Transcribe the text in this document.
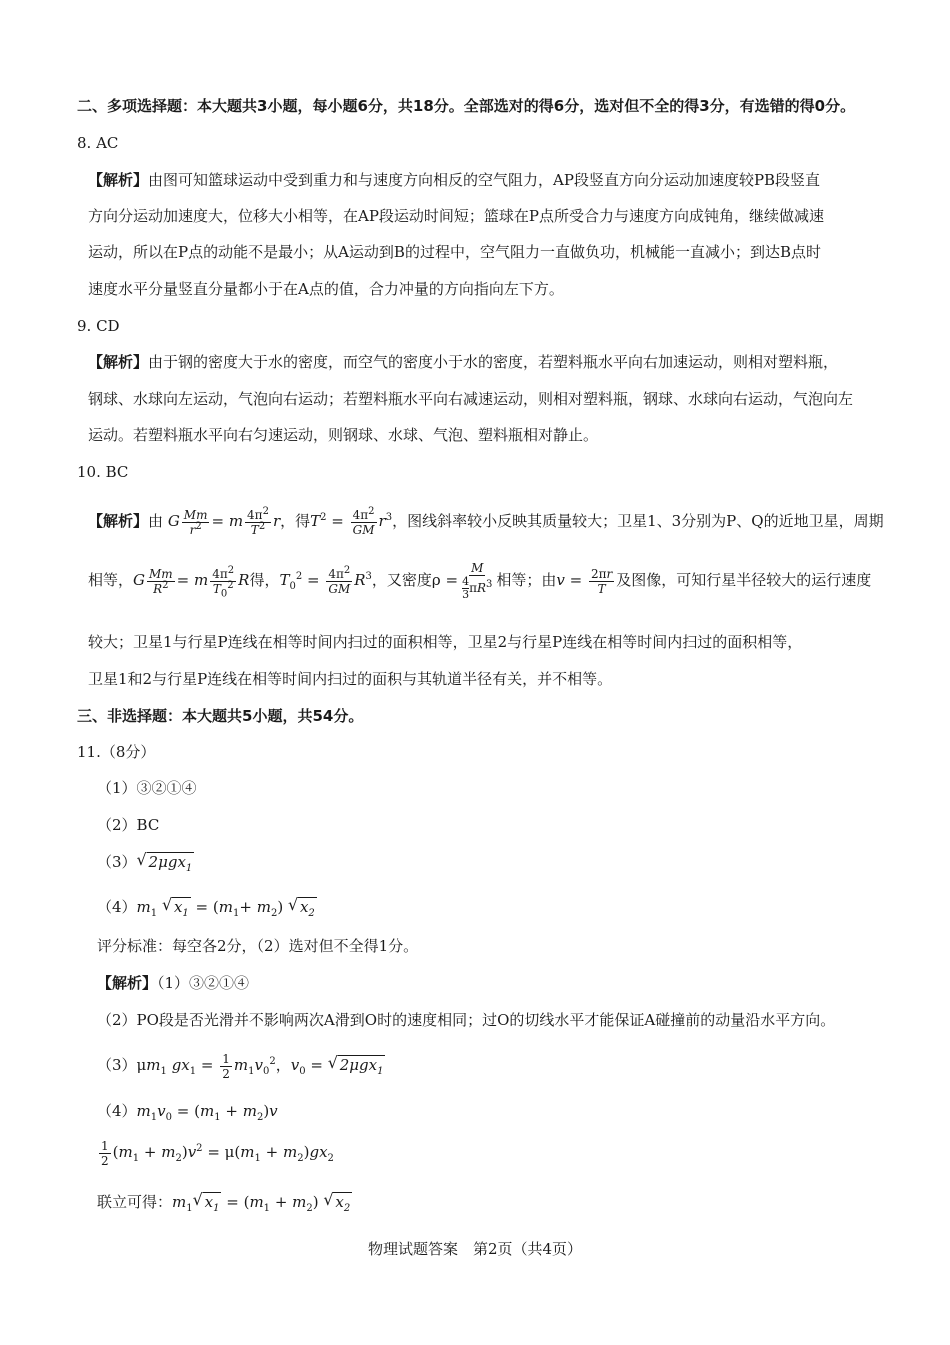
二、多项选择题：本大题共3小题，每小题6分，共18分。全部选对的得6分，选对但不全的得3分，有选错的得0分。
8. AC
【解析】由图可知篮球运动中受到重力和与速度方向相反的空气阻力，AP段竖直方向分运动加速度较PB段竖直
方向分运动加速度大，位移大小相等，在AP段运动时间短；篮球在P点所受合力与速度方向成钝角，继续做减速
运动，所以在P点的动能不是最小；从A运动到B的过程中，空气阻力一直做负功，机械能一直减小；到达B点时
速度水平分量竖直分量都小于在A点的值，合力冲量的方向指向左下方。
9. CD
【解析】由于钢的密度大于水的密度，而空气的密度小于水的密度，若塑料瓶水平向右加速运动，则相对塑料瓶，
钢球、水球向左运动，气泡向右运动；若塑料瓶水平向右减速运动，则相对塑料瓶，钢球、水球向右运动，气泡向左
运动。若塑料瓶水平向右匀速运动，则钢球、水球、气泡、塑料瓶相对静止。
10. BC
【解析】由 G $\frac{Mm}{r^2} = m \frac{4\pi^2}{T^2}$ r，得$T^2 = \frac{4\pi^2}{GM} r^3$，图线斜率较小反映其质量较大；卫星1、3分别为P、Q的近地卫星，周期
相等，G $\frac{Mm}{R^2} = m \frac{4\pi^2}{T_0^2}$ R得，$T_0^2 = \frac{4\pi^2}{GM} R^3$，又密度$\rho = \frac{M}{\frac{4}{3} \pi R^3}$ 相等；由$v = \frac{2\pi r}{T}$ 及图像，可知行星半径较大的运行速度
较大；卫星1与行星P连线在相等时间内扫过的面积相等，卫星2与行星P连线在相等时间内扫过的面积相等，
卫星1和2与行星P连线在相等时间内扫过的面积与其轨道半径有关，并不相等。
三、非选择题：本大题共5小题，共54分。
11.（8分）
（1）③②①④
（2）BC
（3）√ 2μgx$_1$
$(4)m_1$ √ $x_1 = (m_1+ m_2)$ √ $x_2$
评分标准：每空各2分，（2）选对但不全得1分。
【解析】（1）③②①④
（2）PO段是否光滑并不影响两次A滑到O时的速度相同；过O的切线水平才能保证A碰撞前的动量沿水平方向。
$(3)\mu m_1$ $gx_1 = \frac{1}{2} m_1v_0^2$，$v_0$ = √ 2μgx$_1$
$(4)m_1v_0 = (m_1 + m_2)v$
$\frac{1}{2} (m_1 + m_2)v^2 = \mu(m_1 + m_2)gx_2$
联立可得：$m_1√$ $x_1 = (m_1 + m_2)$ √ $x_2$
物理试题答案　第2页（共4页）
